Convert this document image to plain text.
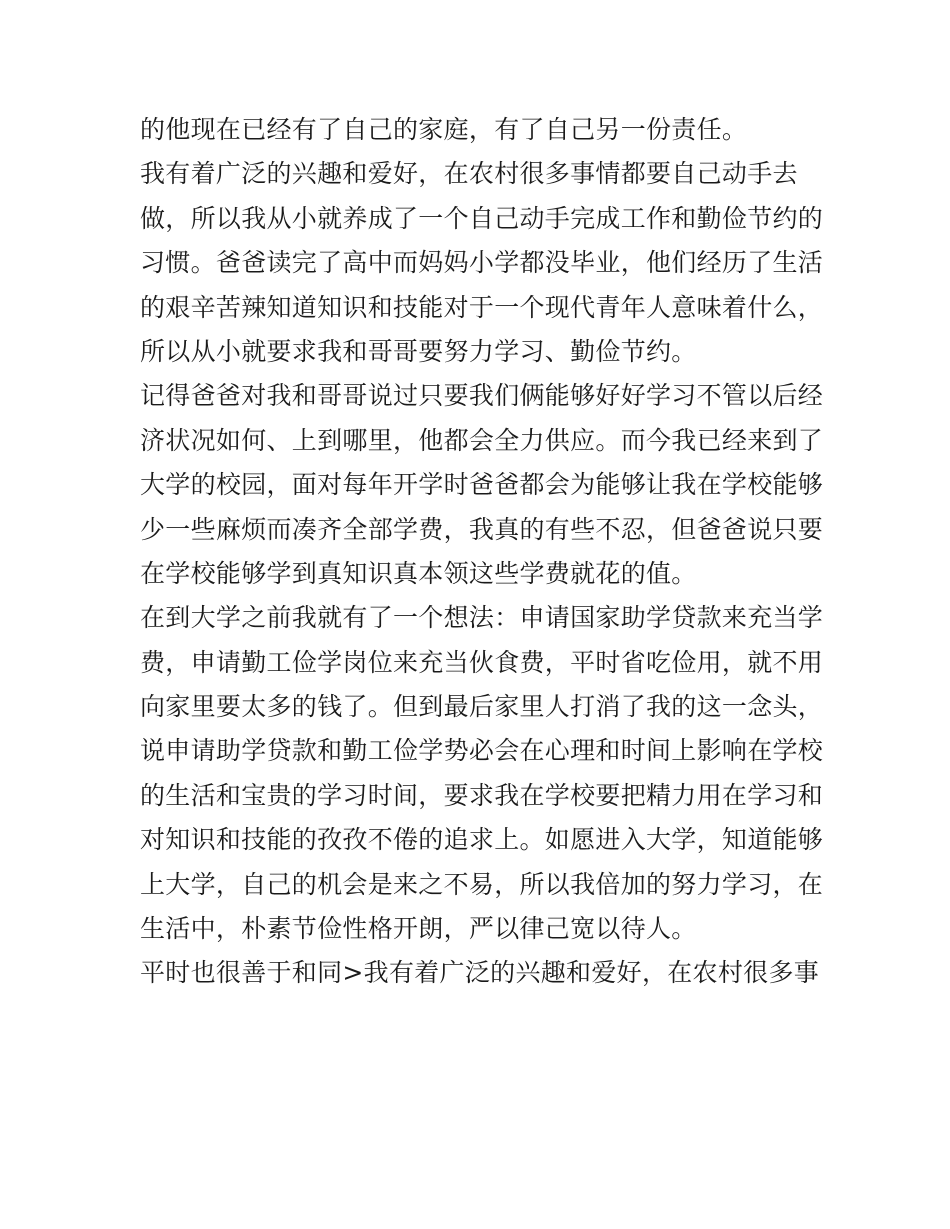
的他现在已经有了自己的家庭，有了自己另一份责任。
我有着广泛的兴趣和爱好，在农村很多事情都要自己动手去
做，所以我从小就养成了一个自己动手完成工作和勤俭节约的
习惯。爸爸读完了高中而妈妈小学都没毕业，他们经历了生活
的艰辛苦辣知道知识和技能对于一个现代青年人意味着什么，
所以从小就要求我和哥哥要努力学习、勤俭节约。
记得爸爸对我和哥哥说过只要我们俩能够好好学习不管以后经
济状况如何、上到哪里，他都会全力供应。而今我已经来到了
大学的校园，面对每年开学时爸爸都会为能够让我在学校能够
少一些麻烦而凑齐全部学费，我真的有些不忍，但爸爸说只要
在学校能够学到真知识真本领这些学费就花的值。
在到大学之前我就有了一个想法：申请国家助学贷款来充当学
费，申请勤工俭学岗位来充当伙食费，平时省吃俭用，就不用
向家里要太多的钱了。但到最后家里人打消了我的这一念头，
说申请助学贷款和勤工俭学势必会在心理和时间上影响在学校
的生活和宝贵的学习时间，要求我在学校要把精力用在学习和
对知识和技能的孜孜不倦的追求上。如愿进入大学，知道能够
上大学，自己的机会是来之不易，所以我倍加的努力学习，在
生活中，朴素节俭性格开朗，严以律己宽以待人。
平时也很善于和同>我有着广泛的兴趣和爱好，在农村很多事
